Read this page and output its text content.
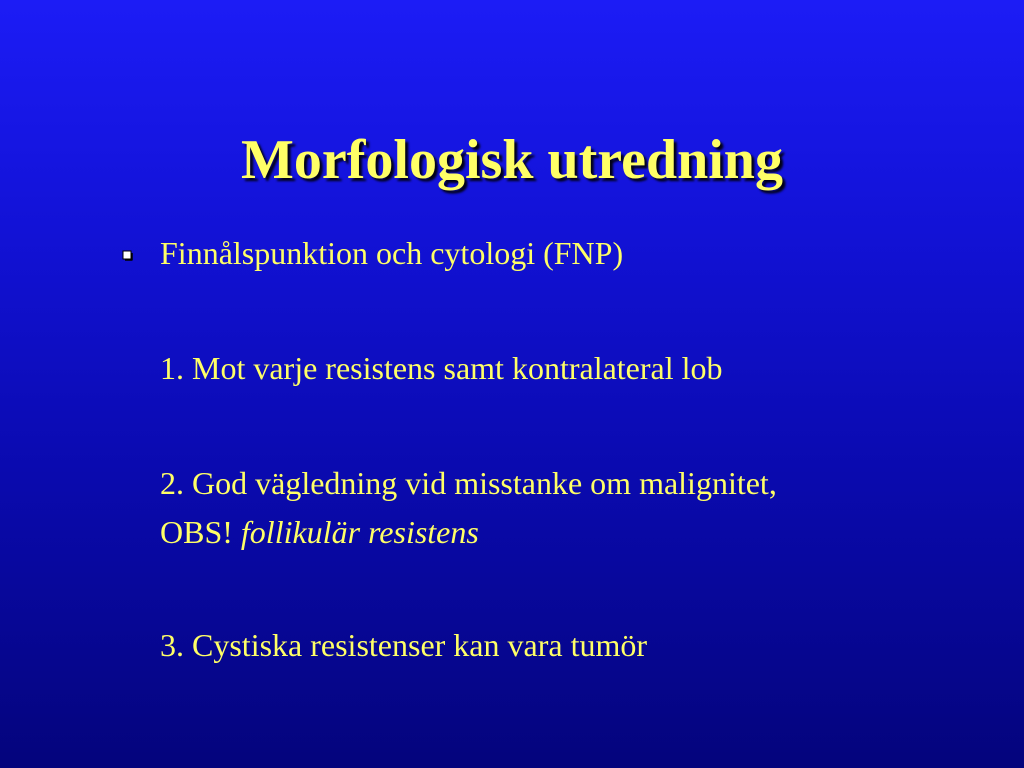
Morfologisk utredning
Finnålspunktion och cytologi (FNP)
1. Mot varje resistens samt kontralateral lob
2. God vägledning vid misstanke om malignitet,
OBS! follikulär resistens
3. Cystiska resistenser kan vara tumör
